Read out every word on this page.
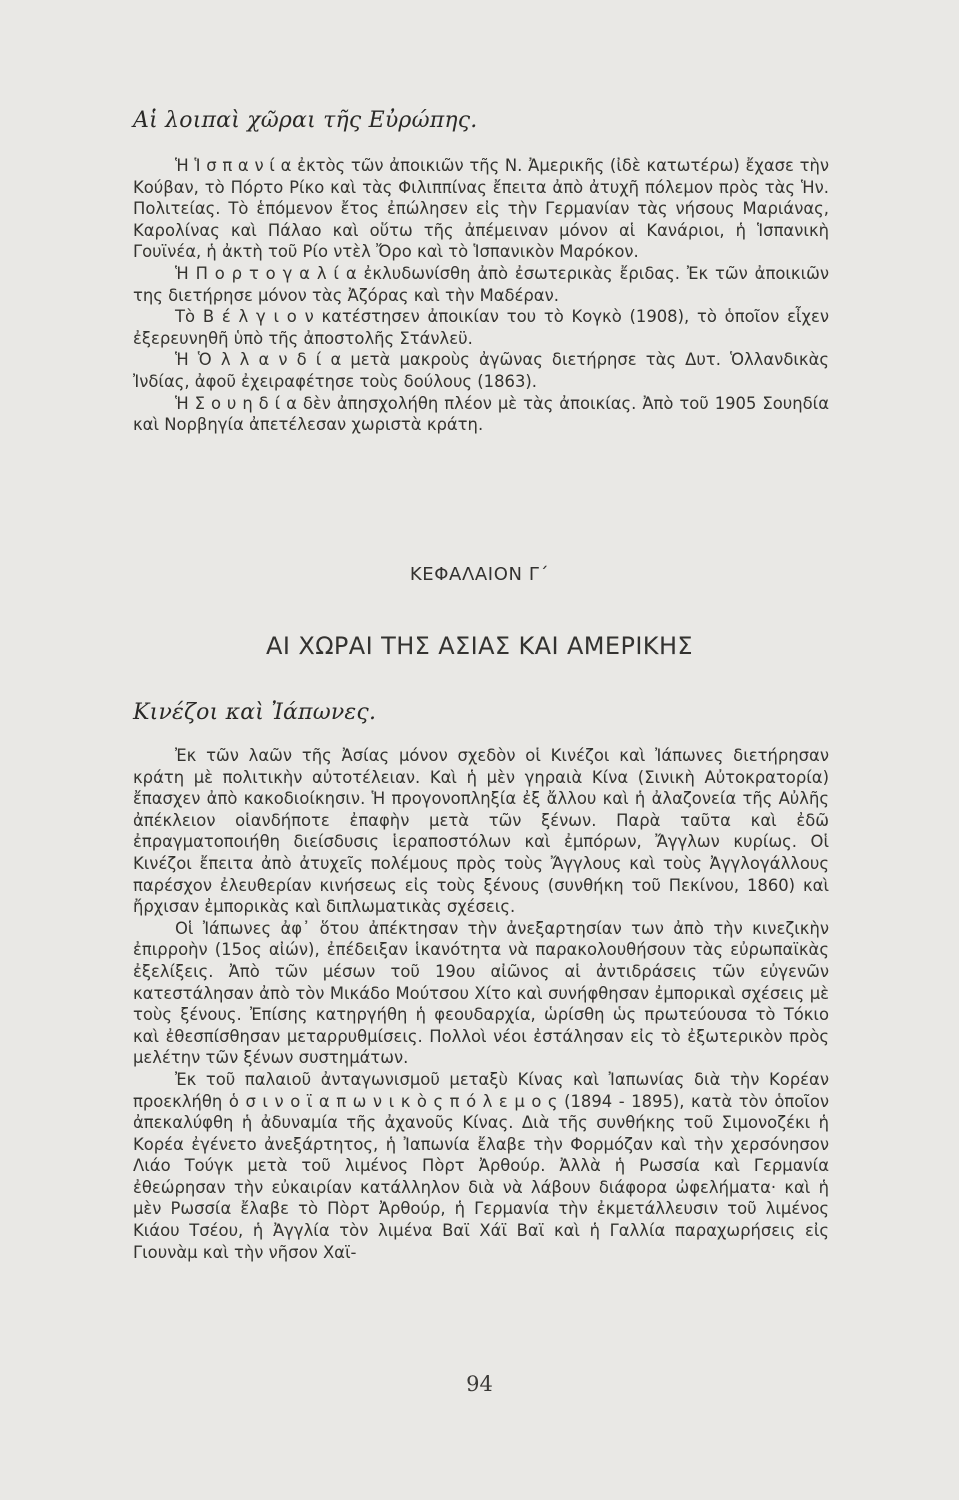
Αἱ λοιπαὶ χῶραι τῆς Εὐρώπης.

Ἡ Ἱ σ π α ν ί α ἐκτὸς τῶν ἀποικιῶν τῆς Ν. Ἀμερικῆς (ἰδὲ κατωτέρω) ἔχασε τὴν Κούβαν, τὸ Πόρτο Ρίκο καὶ τὰς Φιλιππίνας ἔπειτα ἀπὸ ἀτυχῆ πόλεμον πρὸς τὰς Ἡν. Πολιτείας. Τὸ ἑπόμενον ἔτος ἐπώλησεν εἰς τὴν Γερμανίαν τὰς νήσους Μαριάνας, Καρολίνας καὶ Πάλαο καὶ οὕτω τῆς ἀπέμειναν μόνον αἱ Κανάριοι, ἡ Ἱσπανικὴ Γουϊνέα, ἡ ἀκτὴ τοῦ Ρίο ντὲλ Ὄρο καὶ τὸ Ἱσπανικὸν Μαρόκον.

Ἡ Π ο ρ τ ο γ α λ ί α ἐκλυδωνίσθη ἀπὸ ἐσωτερικὰς ἔριδας. Ἐκ τῶν ἀποικιῶν της διετήρησε μόνον τὰς Ἀζόρας καὶ τὴν Μαδέραν.

Τὸ Β έ λ γ ι ο ν κατέστησεν ἀποικίαν του τὸ Κογκὸ (1908), τὸ ὁποῖον εἶχεν ἐξερευνηθῆ ὑπὸ τῆς ἀποστολῆς Στάνλεϋ.

Ἡ Ὁ λ λ α ν δ ί α μετὰ μακροὺς ἀγῶνας διετήρησε τὰς Δυτ. Ὁλλανδικὰς Ἰνδίας, ἀφοῦ ἐχειραφέτησε τοὺς δούλους (1863).

Ἡ Σ ο υ η δ ί α δὲν ἀπησχολήθη πλέον μὲ τὰς ἀποικίας. Ἀπὸ τοῦ 1905 Σουηδία καὶ Νορβηγία ἀπετέλεσαν χωριστὰ κράτη.

ΚΕΦΑΛΑΙΟΝ Γ΄
ΑΙ ΧΩΡΑΙ ΤΗΣ ΑΣΙΑΣ ΚΑΙ ΑΜΕΡΙΚΗΣ
Κινέζοι καὶ Ἰάπωνες.

Ἐκ τῶν λαῶν τῆς Ἀσίας μόνον σχεδὸν οἱ Κινέζοι καὶ Ἰάπωνες διετήρησαν κράτη μὲ πολιτικὴν αὐτοτέλειαν. Καὶ ἡ μὲν γηραιὰ Κίνα (Σινικὴ Αὐτοκρατορία) ἔπασχεν ἀπὸ κακοδιοίκησιν. Ἡ προγονοπληξία ἐξ ἄλλου καὶ ἡ ἀλαζονεία τῆς Αὐλῆς ἀπέκλειον οἱανδήποτε ἐπαφὴν μετὰ τῶν ξένων. Παρὰ ταῦτα καὶ ἐδῶ ἐπραγματοποιήθη διείσδυσις ἱεραποστόλων καὶ ἐμπόρων, Ἄγγλων κυρίως. Οἱ Κινέζοι ἔπειτα ἀπὸ ἀτυχεῖς πολέμους πρὸς τοὺς Ἄγγλους καὶ τοὺς Ἀγγλογάλλους παρέσχον ἐλευθερίαν κινήσεως εἰς τοὺς ξένους (συνθήκη τοῦ Πεκίνου, 1860) καὶ ἤρχισαν ἐμπορικὰς καὶ διπλωματικὰς σχέσεις.

Οἱ Ἰάπωνες ἀφ᾽ ὅτου ἀπέκτησαν τὴν ἀνεξαρτησίαν των ἀπὸ τὴν κινεζικὴν ἐπιρροὴν (15ος αἰών), ἐπέδειξαν ἱκανότητα νὰ παρακολουθήσουν τὰς εὐρωπαϊκὰς ἐξελίξεις. Ἀπὸ τῶν μέσων τοῦ 19ου αἰῶνος αἱ ἀντιδράσεις τῶν εὐγενῶν κατεστάλησαν ἀπὸ τὸν Μικάδο Μούτσου Χίτο καὶ συνήφθησαν ἐμπορικαὶ σχέσεις μὲ τοὺς ξένους. Ἐπίσης κατηργήθη ἡ φεουδαρχία, ὡρίσθη ὡς πρωτεύουσα τὸ Τόκιο καὶ ἐθεσπίσθησαν μεταρρυθμίσεις. Πολλοὶ νέοι ἐστάλησαν εἰς τὸ ἐξωτερικὸν πρὸς μελέτην τῶν ξένων συστημάτων.

Ἐκ τοῦ παλαιοῦ ἀνταγωνισμοῦ μεταξὺ Κίνας καὶ Ἰαπωνίας διὰ τὴν Κορέαν προεκλήθη ὁ σ ι ν ο ϊ α π ω ν ι κ ὸ ς π ό λ ε μ ο ς (1894 - 1895), κατὰ τὸν ὁποῖον ἀπεκαλύφθη ἡ ἀδυναμία τῆς ἀχανοῦς Κίνας. Διὰ τῆς συνθήκης τοῦ Σιμονοζέκι ἡ Κορέα ἐγένετο ἀνεξάρτητος, ἡ Ἰαπωνία ἔλαβε τὴν Φορμόζαν καὶ τὴν χερσόνησον Λιάο Τούγκ μετὰ τοῦ λιμένος Πὸρτ Ἀρθούρ. Ἀλλὰ ἡ Ρωσσία καὶ Γερμανία ἐθεώρησαν τὴν εὐκαιρίαν κατάλληλον διὰ νὰ λάβουν διάφορα ὠφελήματα· καὶ ἡ μὲν Ρωσσία ἔλαβε τὸ Πὸρτ Ἀρθούρ, ἡ Γερμανία τὴν ἐκμετάλλευσιν τοῦ λιμένος Κιάου Τσέου, ἡ Ἀγγλία τὸν λιμένα Βαϊ Χάϊ Βαϊ καὶ ἡ Γαλλία παραχωρήσεις εἰς Γιουνὰμ καὶ τὴν νῆσον Χαϊ-

94
